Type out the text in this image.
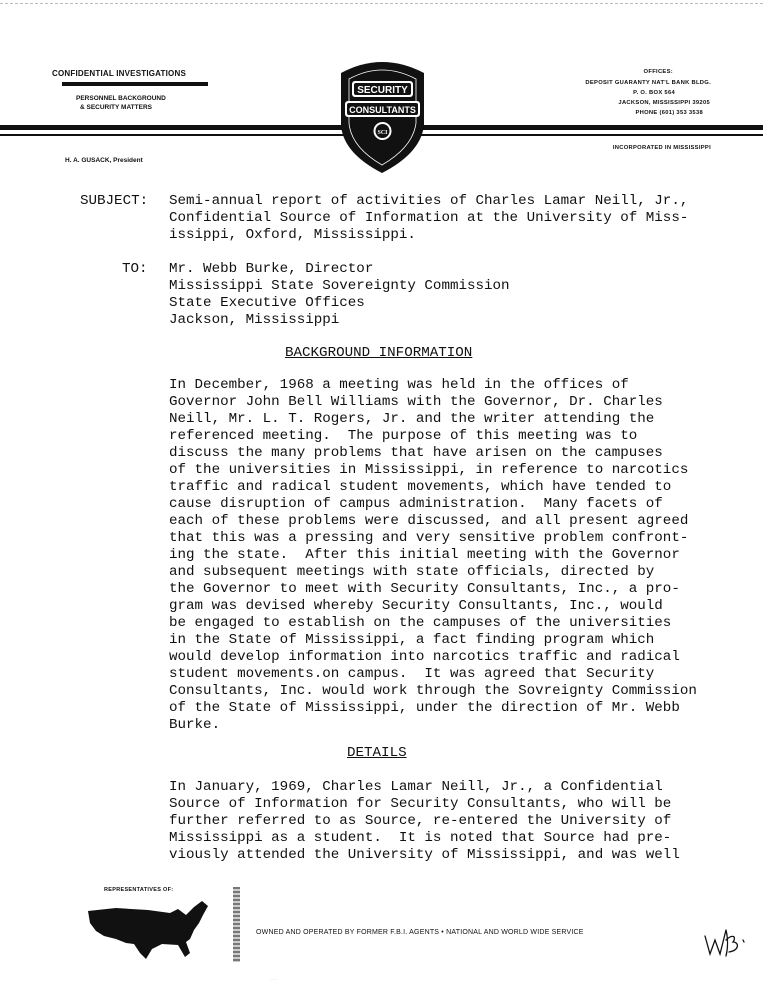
CONFIDENTIAL INVESTIGATIONS
PERSONNEL BACKGROUND
& SECURITY MATTERS
H. A. GUSACK, President
OFFICES:
DEPOSIT GUARANTY NAT'L BANK BLDG.
P. O. BOX 564
JACKSON, MISSISSIPPI 39205
PHONE (601) 353 3538
INCORPORATED IN MISSISSIPPI
SECURITY
CONSULTANTS
SCI
SUBJECT: Semi-annual report of activities of Charles Lamar Neill, Jr.,
Confidential Source of Information at the University of Miss-
issippi, Oxford, Mississippi.
TO: Mr. Webb Burke, Director
Mississippi State Sovereignty Commission
State Executive Offices
Jackson, Mississippi
BACKGROUND INFORMATION
In December, 1968 a meeting was held in the offices of
Governor John Bell Williams with the Governor, Dr. Charles
Neill, Mr. L. T. Rogers, Jr. and the writer attending the
referenced meeting.  The purpose of this meeting was to
discuss the many problems that have arisen on the campuses
of the universities in Mississippi, in reference to narcotics
traffic and radical student movements, which have tended to
cause disruption of campus administration.  Many facets of
each of these problems were discussed, and all present agreed
that this was a pressing and very sensitive problem confront-
ing the state.  After this initial meeting with the Governor
and subsequent meetings with state officials, directed by
the Governor to meet with Security Consultants, Inc., a pro-
gram was devised whereby Security Consultants, Inc., would
be engaged to establish on the campuses of the universities
in the State of Mississippi, a fact finding program which
would develop information into narcotics traffic and radical
student movements.on campus.  It was agreed that Security
Consultants, Inc. would work through the Sovreignty Commission
of the State of Mississippi, under the direction of Mr. Webb
Burke.
DETAILS
In January, 1969, Charles Lamar Neill, Jr., a Confidential
Source of Information for Security Consultants, who will be
further referred to as Source, re-entered the University of
Mississippi as a student.  It is noted that Source had pre-
viously attended the University of Mississippi, and was well
REPRESENTATIVES OF:
OWNED AND OPERATED BY FORMER F.B.I. AGENTS • NATIONAL AND WORLD WIDE SERVICE
· · ·
